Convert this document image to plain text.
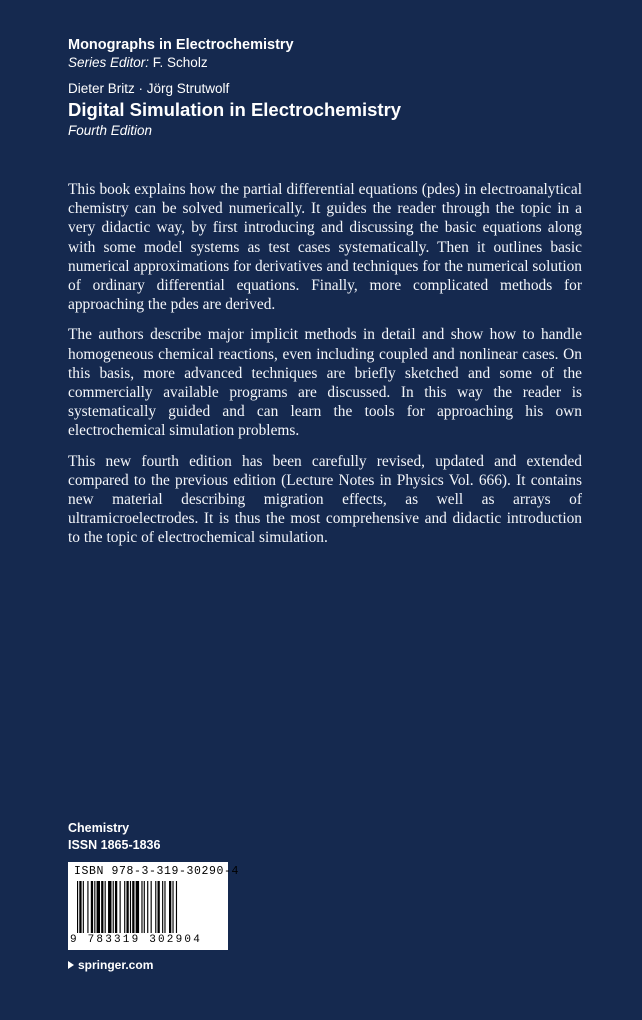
Monographs in Electrochemistry
Series Editor: F. Scholz
Dieter Britz · Jörg Strutwolf
Digital Simulation in Electrochemistry
Fourth Edition

This book explains how the partial differential equations (pdes) in electroanalytical chemistry can be solved numerically. It guides the reader through the topic in a very didactic way, by first introducing and discussing the basic equations along with some model systems as test cases systematically. Then it outlines basic numerical approximations for derivatives and techniques for the numerical solution of ordinary differential equations. Finally, more complicated methods for approaching the pdes are derived.

The authors describe major implicit methods in detail and show how to handle homogeneous chemical reactions, even including coupled and nonlinear cases. On this basis, more advanced techniques are briefly sketched and some of the commercially available programs are discussed. In this way the reader is systematically guided and can learn the tools for approaching his own electrochemical simulation problems.

This new fourth edition has been carefully revised, updated and extended compared to the previous edition (Lecture Notes in Physics Vol. 666). It contains new material describing migration effects, as well as arrays of ultramicroelectrodes. It is thus the most comprehensive and didactic introduction to the topic of electrochemical simulation.

Chemistry
ISSN 1865-1836
ISBN 978-3-319-30290-4
9 783319 302904
springer.com
